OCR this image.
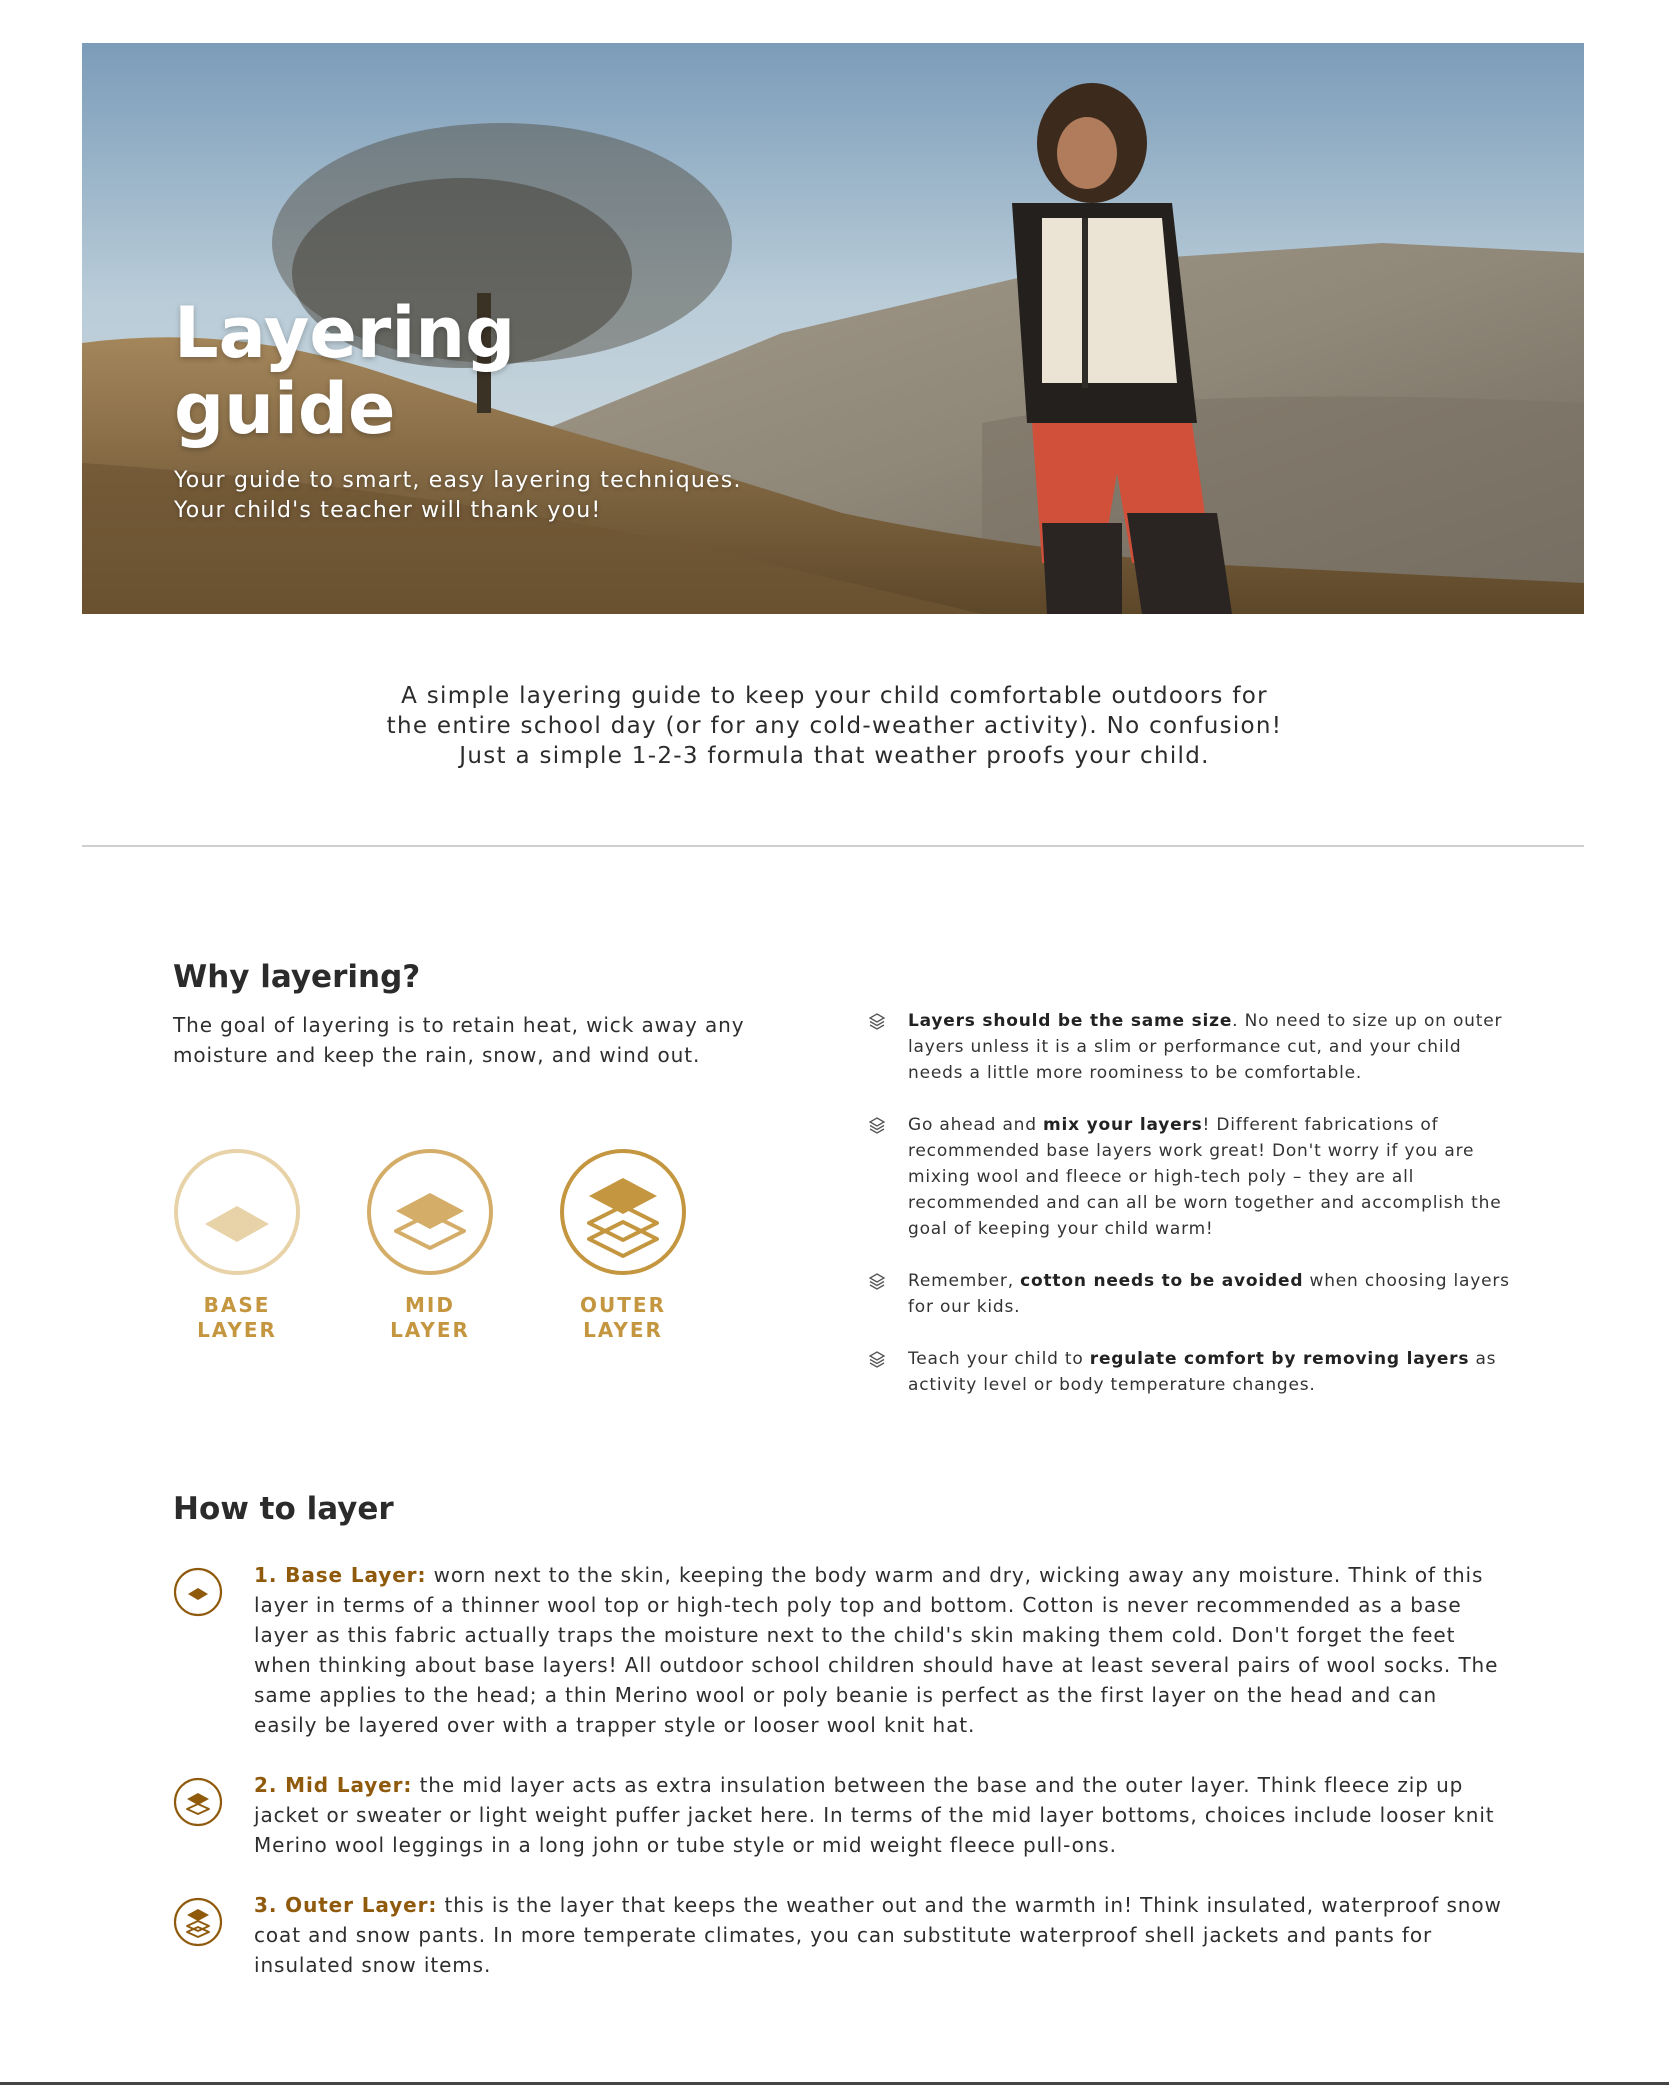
Layering guide
Your guide to smart, easy layering techniques.
Your child's teacher will thank you!
A simple layering guide to keep your child comfortable outdoors for
the entire school day (or for any cold-weather activity). No confusion!
Just a simple 1-2-3 formula that weather proofs your child.
Why layering?
The goal of layering is to retain heat, wick away any moisture and keep the rain, snow, and wind out.
BASE
LAYER
MID
LAYER
OUTER
LAYER
Layers should be the same size. No need to size up on outer layers unless it is a slim or performance cut, and your child needs a little more roominess to be comfortable.
Go ahead and mix your layers! Different fabrications of recommended base layers work great! Don't worry if you are mixing wool and fleece or high-tech poly – they are all recommended and can all be worn together and accomplish the goal of keeping your child warm!
Remember, cotton needs to be avoided when choosing layers for our kids.
Teach your child to regulate comfort by removing layers as activity level or body temperature changes.
How to layer
1. Base Layer: worn next to the skin, keeping the body warm and dry, wicking away any moisture. Think of this layer in terms of a thinner wool top or high-tech poly top and bottom. Cotton is never recommended as a base layer as this fabric actually traps the moisture next to the child's skin making them cold. Don't forget the feet when thinking about base layers! All outdoor school children should have at least several pairs of wool socks. The same applies to the head; a thin Merino wool or poly beanie is perfect as the first layer on the head and can easily be layered over with a trapper style or looser wool knit hat.
2. Mid Layer: the mid layer acts as extra insulation between the base and the outer layer. Think fleece zip up jacket or sweater or light weight puffer jacket here. In terms of the mid layer bottoms, choices include looser knit Merino wool leggings in a long john or tube style or mid weight fleece pull-ons.
3. Outer Layer: this is the layer that keeps the weather out and the warmth in! Think insulated, waterproof snow coat and snow pants. In more temperate climates, you can substitute waterproof shell jackets and pants for insulated snow items.
